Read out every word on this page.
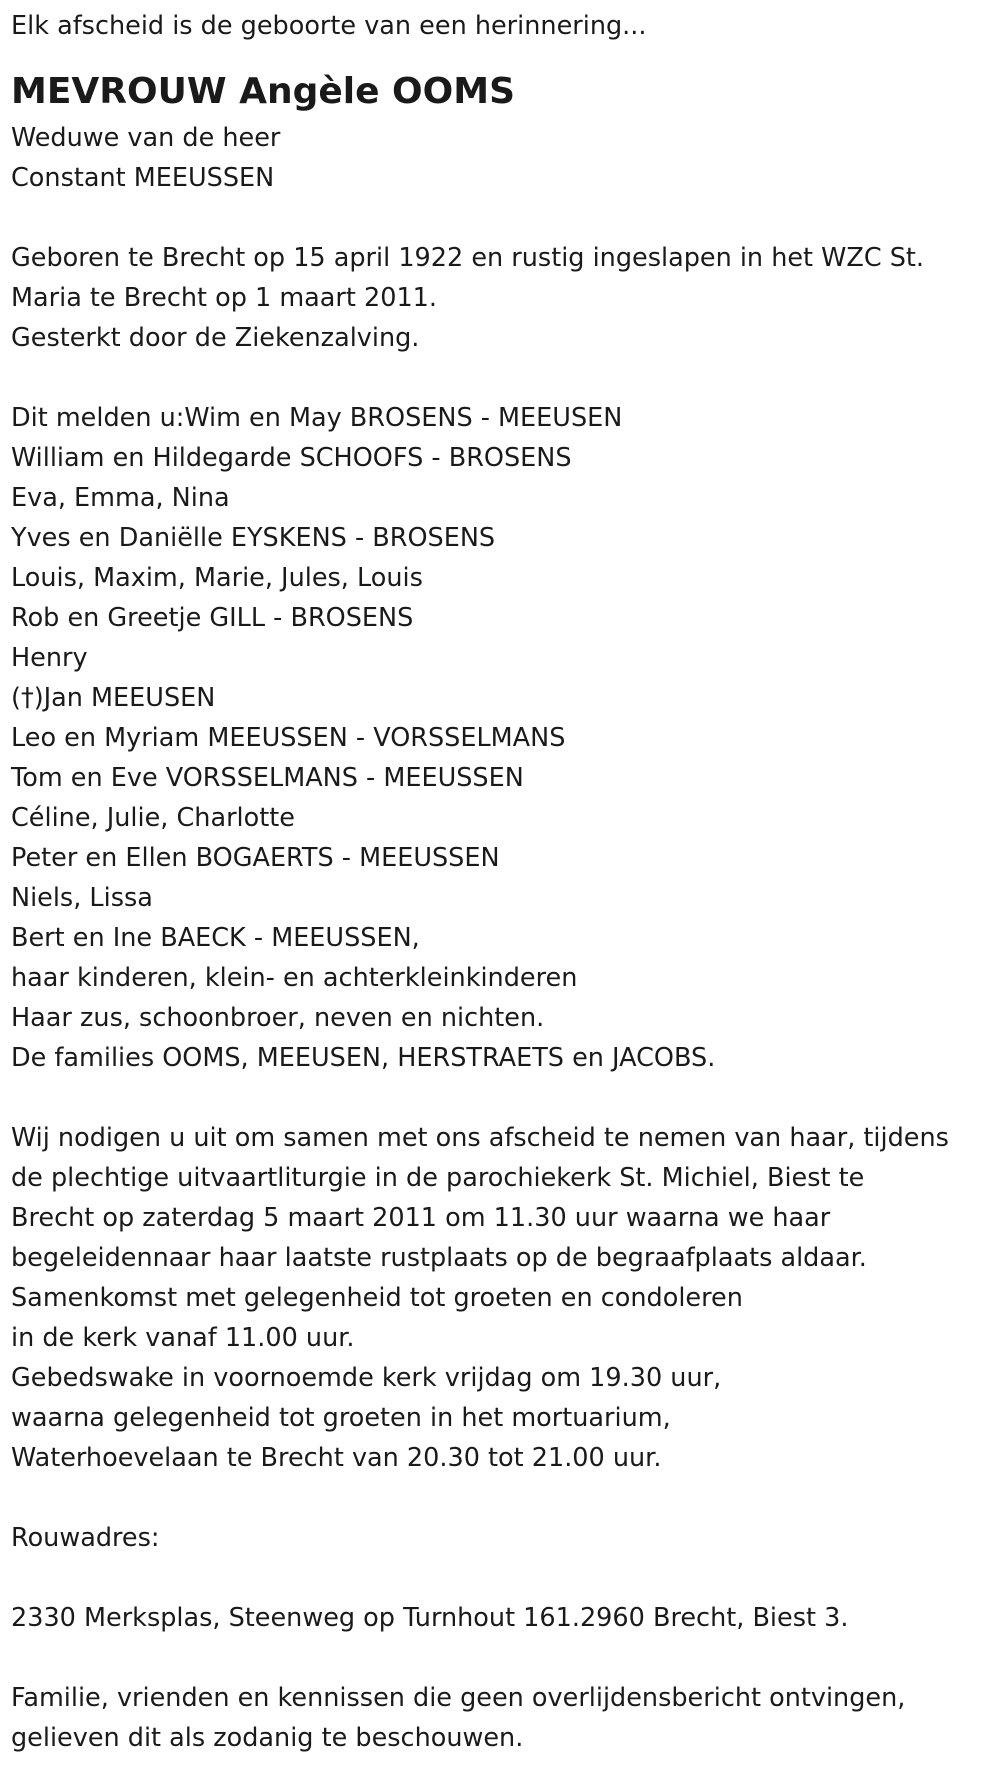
Elk afscheid is de geboorte van een herinnering...
MEVROUW Angèle OOMS
Weduwe van de heer
Constant MEEUSSEN
Geboren te Brecht op 15 april 1922 en rustig ingeslapen in het WZC St.
Maria te Brecht op 1 maart 2011.
Gesterkt door de Ziekenzalving.
Dit melden u:Wim en May BROSENS - MEEUSEN
William en Hildegarde SCHOOFS - BROSENS
Eva, Emma, Nina
Yves en Daniëlle EYSKENS - BROSENS
Louis, Maxim, Marie, Jules, Louis
Rob en Greetje GILL - BROSENS
Henry
(†)Jan MEEUSEN
Leo en Myriam MEEUSSEN - VORSSELMANS
Tom en Eve VORSSELMANS - MEEUSSEN
Céline, Julie, Charlotte
Peter en Ellen BOGAERTS - MEEUSSEN
Niels, Lissa
Bert en Ine BAECK - MEEUSSEN,
haar kinderen, klein- en achterkleinkinderen
Haar zus, schoonbroer, neven en nichten.
De families OOMS, MEEUSEN, HERSTRAETS en JACOBS.
Wij nodigen u uit om samen met ons afscheid te nemen van haar, tijdens
de plechtige uitvaartliturgie in de parochiekerk St. Michiel, Biest te
Brecht op zaterdag 5 maart 2011 om 11.30 uur waarna we haar
begeleidennaar haar laatste rustplaats op de begraafplaats aldaar.
Samenkomst met gelegenheid tot groeten en condoleren
in de kerk vanaf 11.00 uur.
Gebedswake in voornoemde kerk vrijdag om 19.30 uur,
waarna gelegenheid tot groeten in het mortuarium,
Waterhoevelaan te Brecht van 20.30 tot 21.00 uur.
Rouwadres:
2330 Merksplas, Steenweg op Turnhout 161.2960 Brecht, Biest 3.
Familie, vrienden en kennissen die geen overlijdensbericht ontvingen,
gelieven dit als zodanig te beschouwen.
